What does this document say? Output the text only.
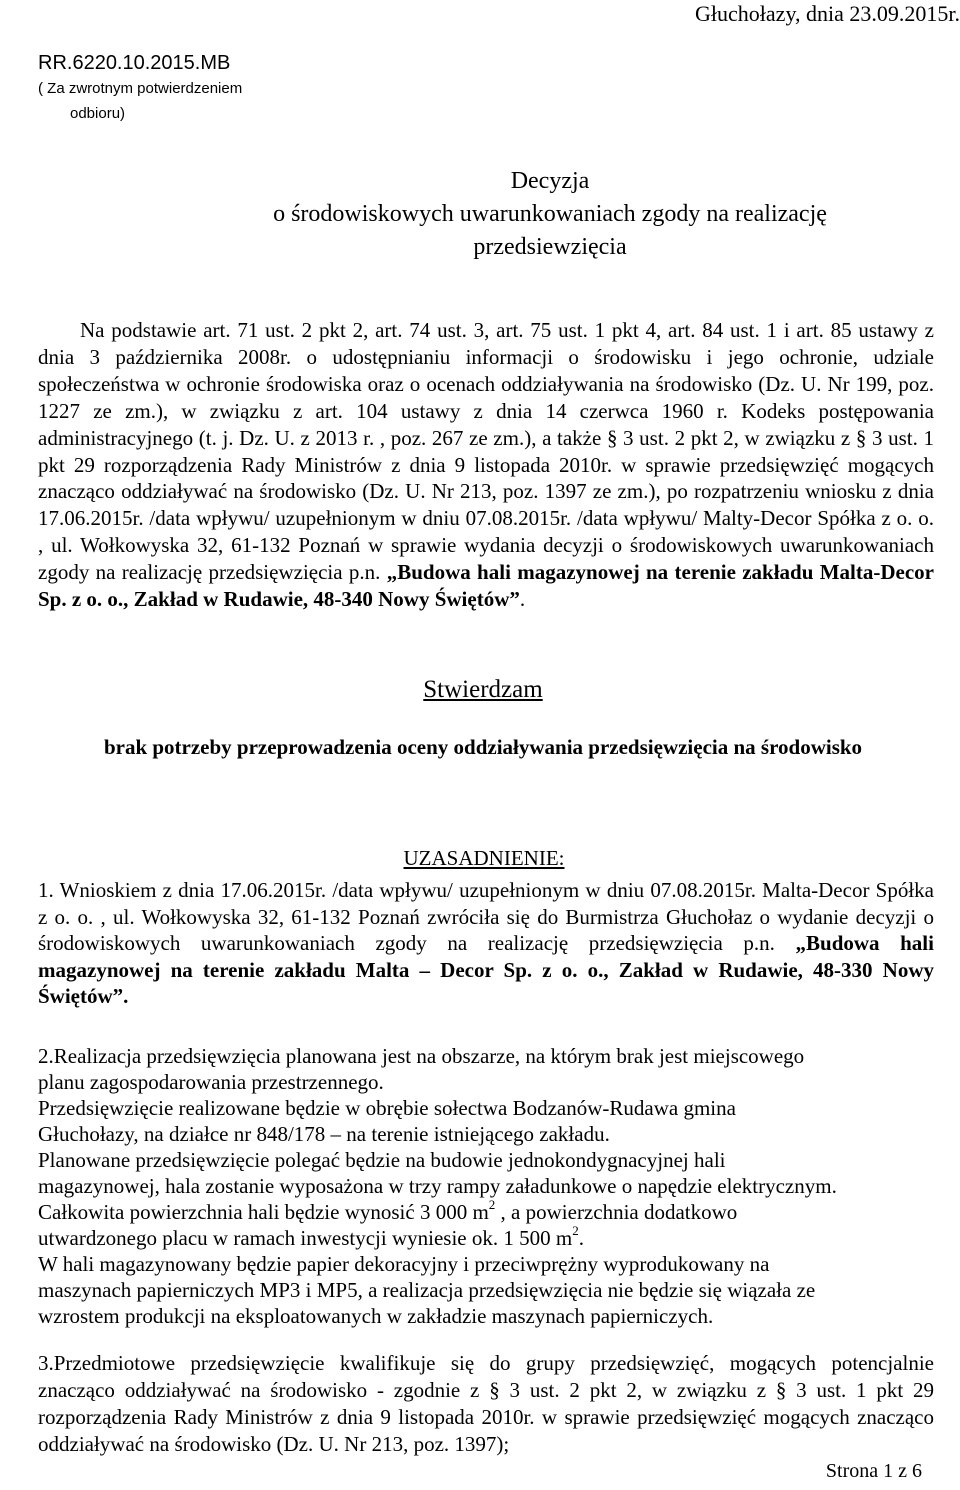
Głuchołazy, dnia 23.09.2015r.
RR.6220.10.2015.MB
( Za zwrotnym potwierdzeniem
odbioru)
Decyzja
o środowiskowych uwarunkowaniach zgody na realizację
przedsiewzięcia
Na podstawie art. 71 ust. 2 pkt 2, art. 74 ust. 3, art. 75 ust. 1 pkt 4, art. 84 ust. 1 i art. 85 ustawy z dnia 3 października 2008r. o udostępnianiu informacji o środowisku i jego ochronie, udziale społeczeństwa w ochronie środowiska oraz o ocenach oddziaływania na środowisko (Dz. U. Nr 199, poz. 1227 ze zm.), w związku z art. 104 ustawy z dnia 14 czerwca 1960 r. Kodeks postępowania administracyjnego (t. j. Dz. U. z 2013 r. , poz. 267 ze zm.), a także § 3 ust. 2 pkt 2, w związku z § 3 ust. 1 pkt 29 rozporządzenia Rady Ministrów z dnia 9 listopada 2010r. w sprawie przedsięwzięć mogących znacząco oddziaływać na środowisko (Dz. U. Nr 213, poz. 1397 ze zm.), po rozpatrzeniu wniosku z dnia 17.06.2015r. /data wpływu/ uzupełnionym w dniu 07.08.2015r. /data wpływu/ Malty-Decor Spółka z o. o. , ul. Wołkowyska 32, 61-132 Poznań w sprawie wydania decyzji o środowiskowych uwarunkowaniach zgody na realizację przedsięwzięcia p.n. „Budowa hali magazynowej na terenie zakładu Malta-Decor Sp. z o. o., Zakład w Rudawie, 48-340 Nowy Świętów”.
Stwierdzam
brak potrzeby przeprowadzenia oceny oddziaływania przedsięwzięcia na środowisko
UZASADNIENIE:
1. Wnioskiem z dnia 17.06.2015r. /data wpływu/ uzupełnionym w dniu 07.08.2015r. Malta-Decor Spółka z o. o. , ul. Wołkowyska 32, 61-132 Poznań zwróciła się do Burmistrza Głuchołaz o wydanie decyzji o środowiskowych uwarunkowaniach zgody na realizację przedsięwzięcia p.n. „Budowa hali magazynowej na terenie zakładu Malta – Decor Sp. z o. o., Zakład w Rudawie, 48-330 Nowy Świętów”.
2.Realizacja przedsięwzięcia planowana jest na obszarze, na którym brak jest miejscowego
planu zagospodarowania przestrzennego.
Przedsięwzięcie realizowane będzie w obrębie sołectwa Bodzanów-Rudawa gmina
Głuchołazy, na działce nr 848/178 – na terenie istniejącego zakładu.
Planowane przedsięwzięcie polegać będzie na budowie jednokondygnacyjnej hali
magazynowej, hala zostanie wyposażona w trzy rampy załadunkowe o napędzie elektrycznym.
Całkowita powierzchnia hali będzie wynosić 3 000 $m^2$ , a powierzchnia dodatkowo
utwardzonego placu w ramach inwestycji wyniesie ok. 1 500 $m^2$.
W hali magazynowany będzie papier dekoracyjny i przeciwprężny wyprodukowany na
maszynach papierniczych MP3 i MP5, a realizacja przedsięwzięcia nie będzie się wiązała ze
wzrostem produkcji na eksploatowanych w zakładzie maszynach papierniczych.
3.Przedmiotowe przedsięwzięcie kwalifikuje się do grupy przedsięwzięć, mogących potencjalnie znacząco oddziaływać na środowisko - zgodnie z § 3 ust. 2 pkt 2, w związku z § 3 ust. 1 pkt 29 rozporządzenia Rady Ministrów z dnia 9 listopada 2010r. w sprawie przedsięwzięć mogących znacząco oddziaływać na środowisko (Dz. U. Nr 213, poz. 1397);
Strona 1 z 6
